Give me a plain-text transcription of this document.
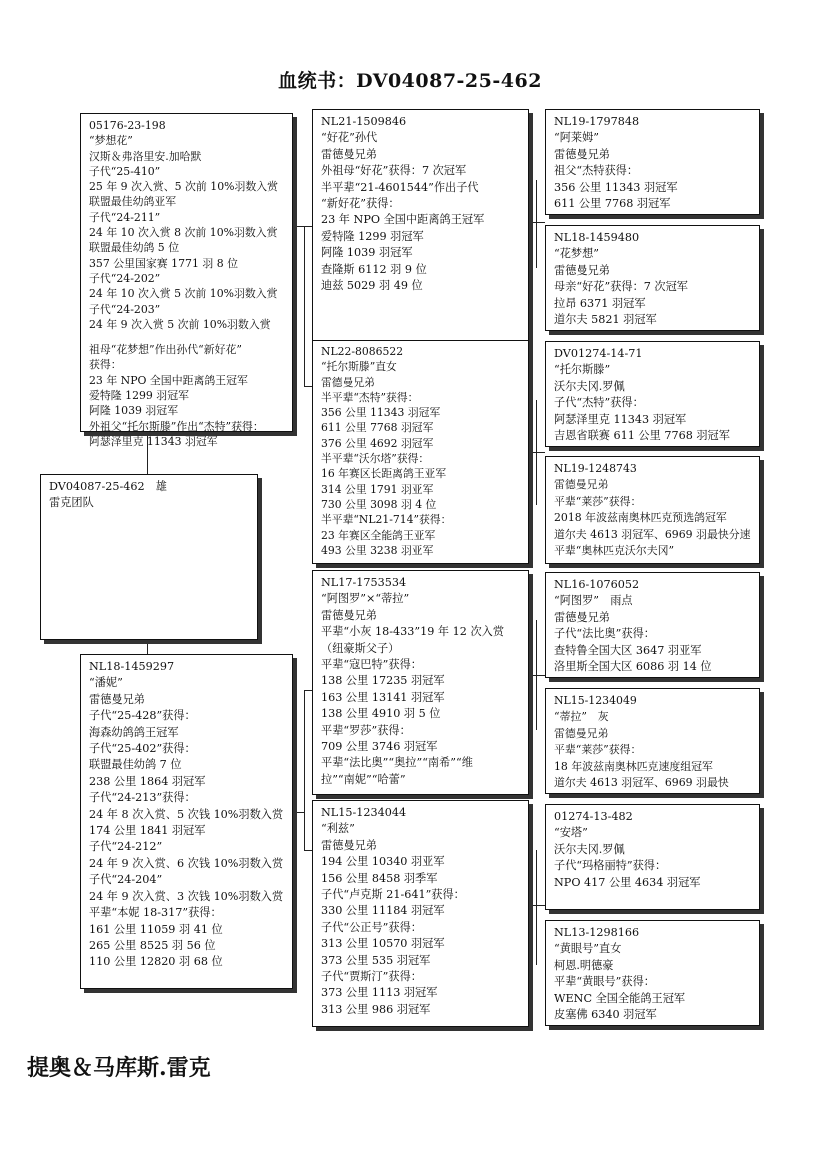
血统书：DV04087-25-462
DV04087-25-462　 雄
雷克团队
05176-23-198
“梦想花”
汉斯＆弗洛里安.加哈默
子代“25-410”
25 年 9 次入赏、5 次前 10%羽数入赏
联盟最佳幼鸽亚军
子代“24-211”
24 年 10 次入赏 8 次前 10%羽数入赏
联盟最佳幼鸽 5 位
357 公里国家赛 1771 羽 8 位
子代“24-202”
24 年 10 次入赏 5 次前 10%羽数入赏
子代“24-203”
24 年 9 次入赏 5 次前 10%羽数入赏
祖母“花梦想”作出孙代“新好花”
获得：
23 年 NPO 全国中距离鸽王冠军
爱特隆 1299 羽冠军
阿隆 1039 羽冠军
外祖父“托尔斯滕”作出“杰特”获得：
阿瑟泽里克 11343 羽冠军
NL18-1459297
“潘妮”
雷德曼兄弟
子代“25-428”获得：
海森幼鸽鸽王冠军
子代“25-402”获得：
联盟最佳幼鸽 7 位
238 公里 1864 羽冠军
子代“24-213”获得：
24 年 8 次入赏、5 次钱 10%羽数入赏
174 公里 1841 羽冠军
子代“24-212”
24 年 9 次入赏、6 次钱 10%羽数入赏
子代“24-204”
24 年 9 次入赏、3 次钱 10%羽数入赏
平辈“本妮 18-317”获得：
161 公里 11059 羽 41 位
265 公里 8525 羽 56 位
110 公里 12820 羽 68 位
NL21-1509846
“好花”孙代
雷德曼兄弟
外祖母“好花”获得：7 次冠军
半平辈“21-4601544”作出子代
“新好花”获得：
23 年 NPO 全国中距离鸽王冠军
爱特隆 1299 羽冠军
阿隆 1039 羽冠军
查隆斯 6112 羽 9 位
迪兹 5029 羽 49 位
NL22-8086522
“托尔斯滕”直女
雷德曼兄弟
半平辈“杰特”获得：
356 公里 11343 羽冠军
611 公里 7768 羽冠军
376 公里 4692 羽冠军
半平辈“沃尔塔”获得：
16 年赛区长距离鸽王亚军
314 公里 1791 羽亚军
730 公里 3098 羽 4 位
半平辈“NL21-714”获得：
23 年赛区全能鸽王亚军
493 公里 3238 羽亚军
NL17-1753534
“阿图罗”×“蒂拉”
雷德曼兄弟
平辈“小灰 18-433”19 年 12 次入赏
（纽豪斯父子）
平辈“寇巴特”获得：
138 公里 17235 羽冠军
163 公里 13141 羽冠军
138 公里 4910 羽 5 位
平辈“罗莎”获得：
709 公里 3746 羽冠军
平辈“法比奥”“奥拉”“南希”“维
拉”“南妮”“哈蕾”
NL15-1234044
“利兹”
雷德曼兄弟
194 公里 10340 羽亚军
156 公里 8458 羽季军
子代“卢克斯 21-641”获得：
330 公里 11184 羽冠军
子代“公正号”获得：
313 公里 10570 羽冠军
373 公里 535 羽冠军
子代“贾斯汀”获得：
373 公里 1113 羽冠军
313 公里 986 羽冠军
NL19-1797848
“阿莱姆”
雷德曼兄弟
祖父“杰特获得：
356 公里 11343 羽冠军
611 公里 7768 羽冠军
NL18-1459480
“花梦想”
雷德曼兄弟
母亲“好花”获得：7 次冠军
拉昂 6371 羽冠军
道尔夫 5821 羽冠军
DV01274-14-71
“托尔斯滕”
沃尔夫冈.罗佩
子代“杰特”获得：
阿瑟泽里克 11343 羽冠军
吉恩省联赛 611 公里 7768 羽冠军
NL19-1248743
雷德曼兄弟
平辈“莱莎”获得：
2018 年波兹南奥林匹克预选鸽冠军
道尔夫 4613 羽冠军、6969 羽最快分速
平辈“奥林匹克沃尔夫冈”
NL16-1076052
“阿图罗”　雨点
雷德曼兄弟
子代“法比奥”获得：
查特鲁全国大区 3647 羽亚军
洛里斯全国大区 6086 羽 14 位
NL15-1234049
“蒂拉”　灰
雷德曼兄弟
平辈“莱莎”获得：
18 年波兹南奥林匹克速度组冠军
道尔夫 4613 羽冠军、6969 羽最快
01274-13-482
“安塔”
沃尔夫冈.罗佩
子代“玛格丽特”获得：
NPO 417 公里 4634 羽冠军
NL13-1298166
“黄眼号”直女
柯恩.明德豪
平辈“黄眼号”获得：
WENC 全国全能鸽王冠军
皮塞佛 6340 羽冠军
提奥＆马库斯.雷克
